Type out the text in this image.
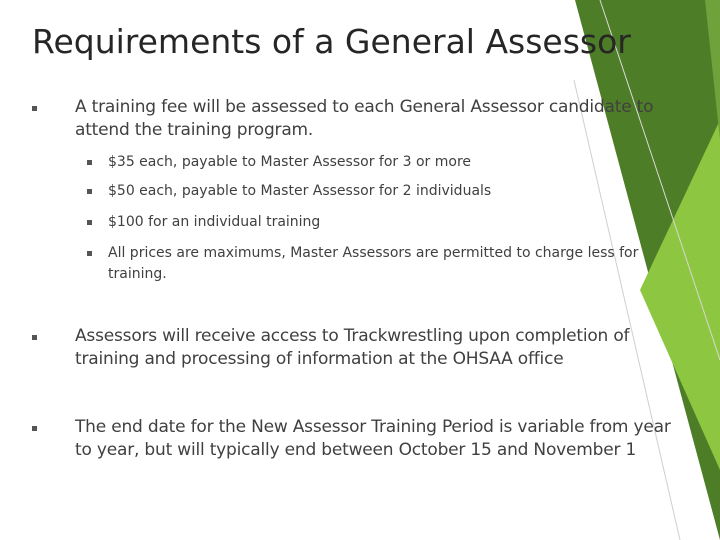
Requirements of a General Assessor
A training fee will be assessed to each General Assessor candidate to attend the training program.
$35 each, payable to Master Assessor for 3 or more
$50 each, payable to Master Assessor for 2 individuals
$100 for an individual training
All prices are maximums, Master Assessors are permitted to charge less for training.
Assessors will receive access to Trackwrestling upon completion of training and processing of information at the OHSAA office
The end date for the New Assessor Training Period is variable from year to year, but will typically end between October 15 and November 1
